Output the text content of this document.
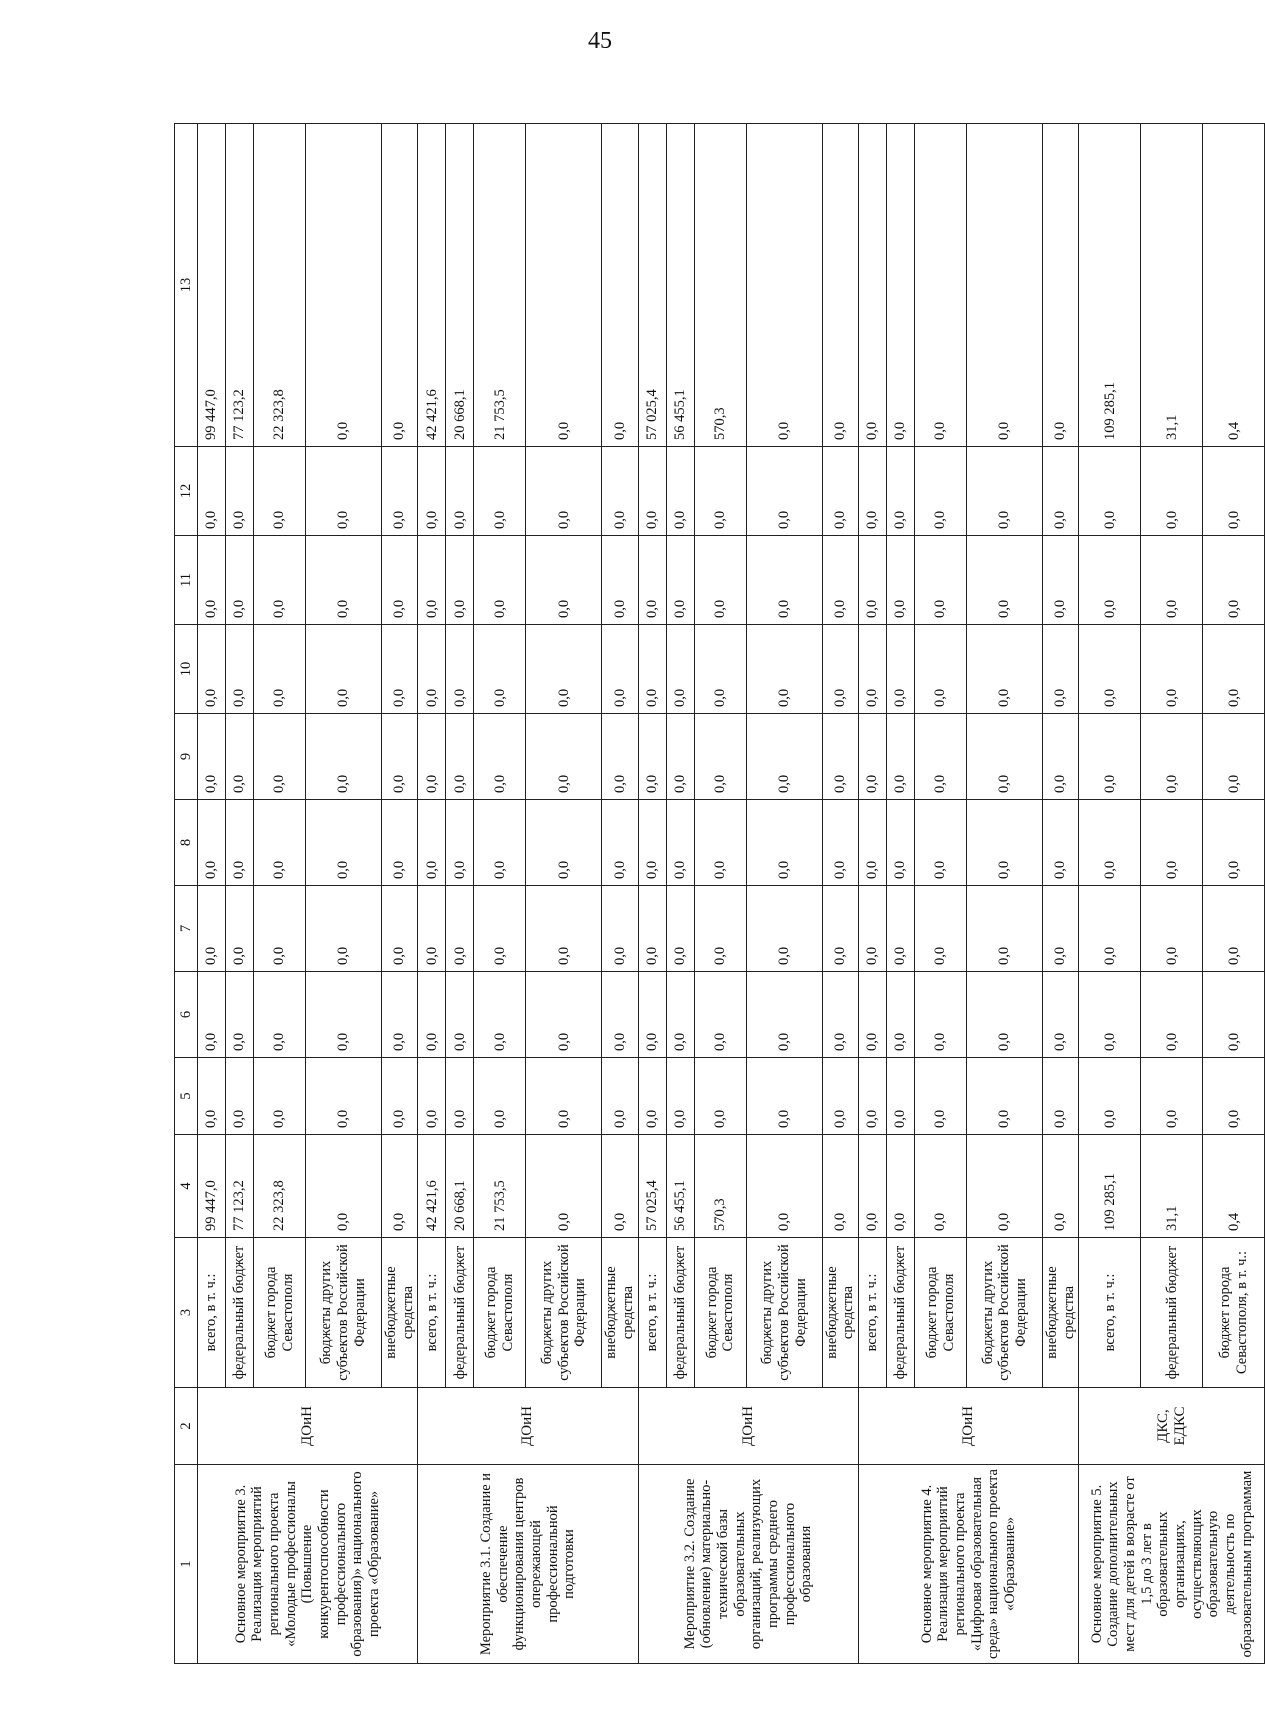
45
1	2	3	4	5	6	7	8	9	10	11	12	13
Основное мероприятие 3. Реализация мероприятий регионального проекта «Молодые профессионалы (Повышение конкурентоспособности профессионального образования)» национального проекта «Образование»	ДОиН	всего, в т. ч.:	99 447,0	0,0	0,0	0,0	0,0	0,0	0,0	0,0	0,0	99 447,0
		федеральный бюджет	77 123,2	0,0	0,0	0,0	0,0	0,0	0,0	0,0	0,0	77 123,2
		бюджет города Севастополя	22 323,8	0,0	0,0	0,0	0,0	0,0	0,0	0,0	0,0	22 323,8
		бюджеты других субъектов Российской Федерации	0,0	0,0	0,0	0,0	0,0	0,0	0,0	0,0	0,0	0,0
		внебюджетные средства	0,0	0,0	0,0	0,0	0,0	0,0	0,0	0,0	0,0	0,0
Мероприятие 3.1. Создание и обеспечение функционирования центров опережающей профессиональной подготовки	ДОиН	всего, в т. ч.:	42 421,6	0,0	0,0	0,0	0,0	0,0	0,0	0,0	0,0	42 421,6
		федеральный бюджет	20 668,1	0,0	0,0	0,0	0,0	0,0	0,0	0,0	0,0	20 668,1
		бюджет города Севастополя	21 753,5	0,0	0,0	0,0	0,0	0,0	0,0	0,0	0,0	21 753,5
		бюджеты других субъектов Российской Федерации	0,0	0,0	0,0	0,0	0,0	0,0	0,0	0,0	0,0	0,0
		внебюджетные средства	0,0	0,0	0,0	0,0	0,0	0,0	0,0	0,0	0,0	0,0
Мероприятие 3.2. Создание (обновление) материально-технической базы образовательных организаций, реализующих программы среднего профессионального образования	ДОиН	всего, в т. ч.:	57 025,4	0,0	0,0	0,0	0,0	0,0	0,0	0,0	0,0	57 025,4
		федеральный бюджет	56 455,1	0,0	0,0	0,0	0,0	0,0	0,0	0,0	0,0	56 455,1
		бюджет города Севастополя	570,3	0,0	0,0	0,0	0,0	0,0	0,0	0,0	0,0	570,3
		бюджеты других субъектов Российской Федерации	0,0	0,0	0,0	0,0	0,0	0,0	0,0	0,0	0,0	0,0
		внебюджетные средства	0,0	0,0	0,0	0,0	0,0	0,0	0,0	0,0	0,0	0,0
Основное мероприятие 4. Реализация мероприятий регионального проекта «Цифровая образовательная среда» национального проекта «Образование»	ДОиН	всего, в т. ч.:	0,0	0,0	0,0	0,0	0,0	0,0	0,0	0,0	0,0	0,0
		федеральный бюджет	0,0	0,0	0,0	0,0	0,0	0,0	0,0	0,0	0,0	0,0
		бюджет города Севастополя	0,0	0,0	0,0	0,0	0,0	0,0	0,0	0,0	0,0	0,0
		бюджеты других субъектов Российской Федерации	0,0	0,0	0,0	0,0	0,0	0,0	0,0	0,0	0,0	0,0
		внебюджетные средства	0,0	0,0	0,0	0,0	0,0	0,0	0,0	0,0	0,0	0,0
Основное мероприятие 5. Создание дополнительных мест для детей в возрасте от 1,5 до 3 лет в образовательных организациях, осуществляющих образовательную деятельность по образовательным программам	ДКС, ЕДКС	всего, в т. ч.:	109 285,1	0,0	0,0	0,0	0,0	0,0	0,0	0,0	0,0	109 285,1
		федеральный бюджет	31,1	0,0	0,0	0,0	0,0	0,0	0,0	0,0	0,0	31,1
		бюджет города Севастополя, в т. ч.:	0,4	0,0	0,0	0,0	0,0	0,0	0,0	0,0	0,0	0,4
